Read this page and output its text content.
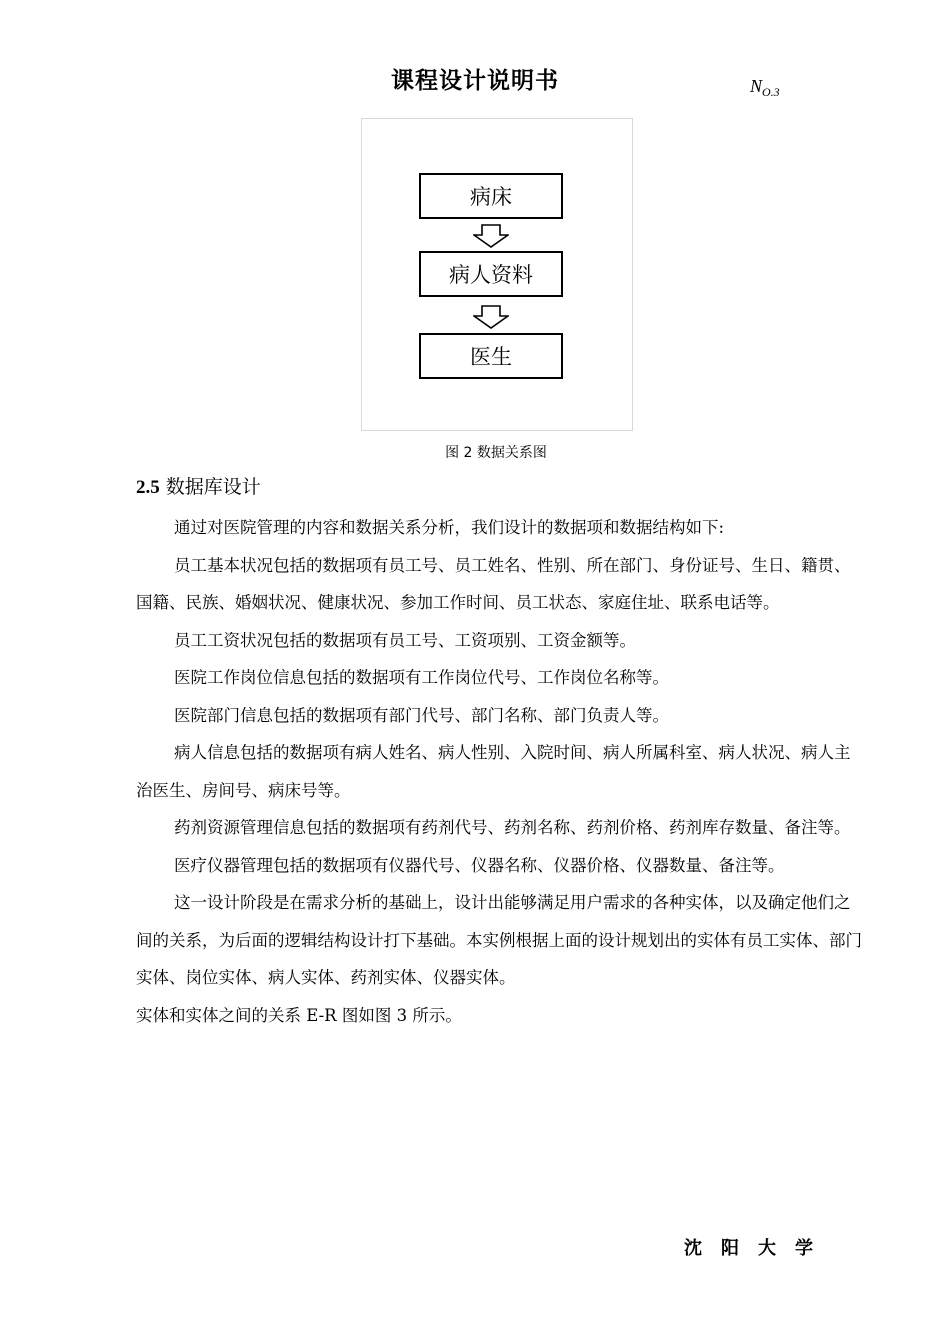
课程设计说明书	$N_{O.3}$
病床
病人资料
医生
图 2 数据关系图
2.5 数据库设计

通过对医院管理的内容和数据关系分析，我们设计的数据项和数据结构如下:

员工基本状况包括的数据项有员工号、员工姓名、性别、所在部门、身份证号、生日、籍贯、国籍、民族、婚姻状况、健康状况、参加工作时间、员工状态、家庭住址、联系电话等。

员工工资状况包括的数据项有员工号、工资项别、工资金额等。

医院工作岗位信息包括的数据项有工作岗位代号、工作岗位名称等。

医院部门信息包括的数据项有部门代号、部门名称、部门负责人等。

病人信息包括的数据项有病人姓名、病人性别、入院时间、病人所属科室、病人状况、病人主治医生、房间号、病床号等。

药剂资源管理信息包括的数据项有药剂代号、药剂名称、药剂价格、药剂库存数量、备注等。

医疗仪器管理包括的数据项有仪器代号、仪器名称、仪器价格、仪器数量、备注等。

这一设计阶段是在需求分析的基础上，设计出能够满足用户需求的各种实体，以及确定他们之间的关系，为后面的逻辑结构设计打下基础。本实例根据上面的设计规划出的实体有员工实体、部门实体、岗位实体、病人实体、药剂实体、仪器实体。

实体和实体之间的关系 E-R 图如图 3 所示。

沈阳大学
